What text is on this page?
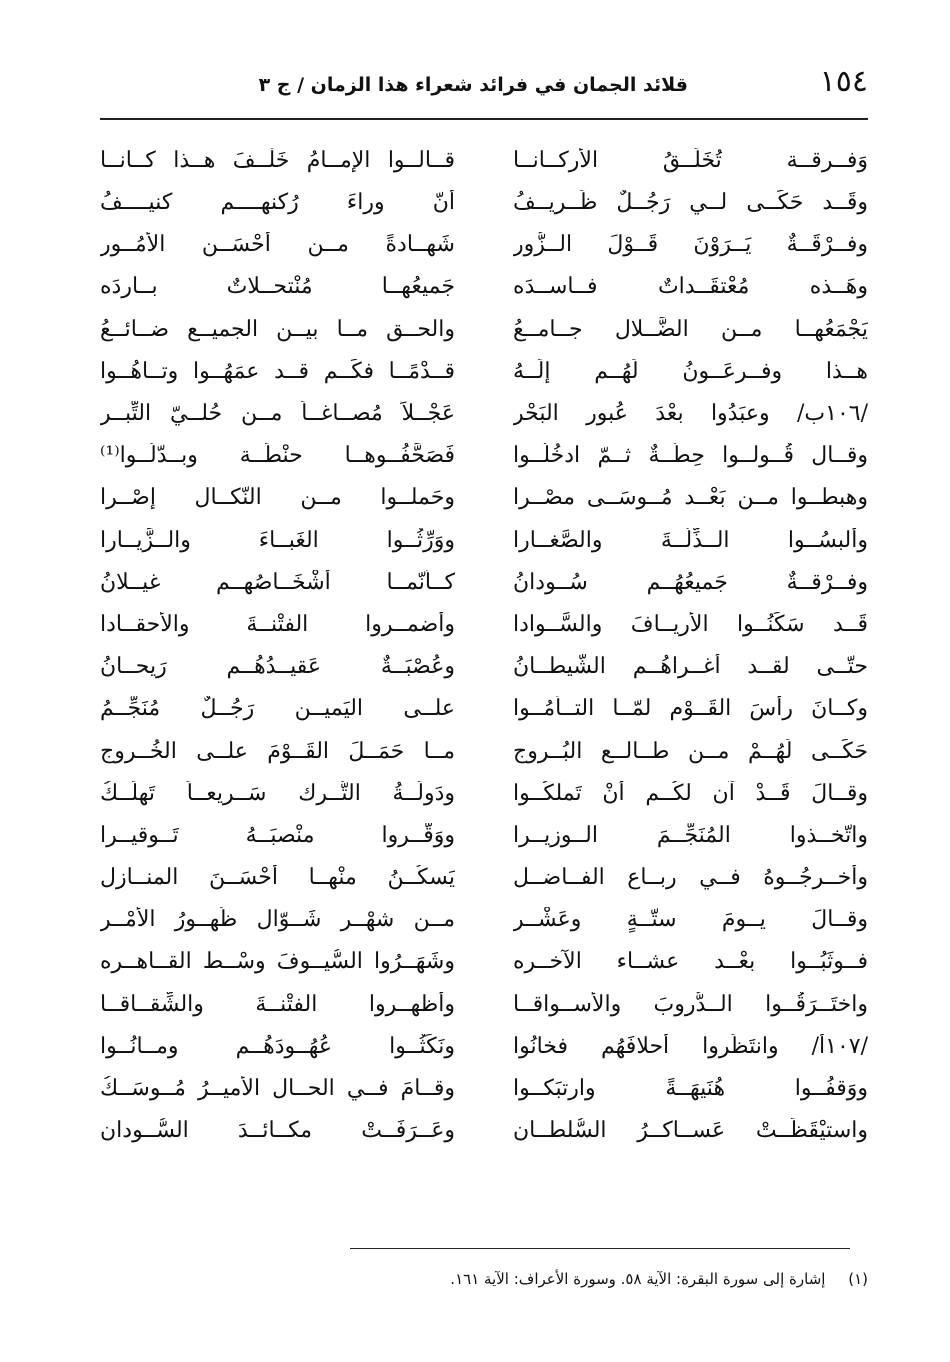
١٥٤
قلائد الجمان في فرائد شعراء هذا الزمان / ج ٣
وَفــرقــة تُخَلِّــقُ الأركــانــا
قــالــوا الإمــامُ خَلْــفَ هــذا كــانــا
وقَــد حَكَــى لــي رَجُــلٌ ظَــريــفُ
أنّ وراءَ رُكنهــــم كنيــــفُ
وفــرْقَــةٌ يَــرَوْنَ قَــوْلَ الــزُّور
شَهــادةً مــن أحْسَــن الأمُــور
وهَــذه مُعْتقَــداتٌ فــاســدَه
جَميعُهــا مُنْتحــلاتٌ بــاردَه
يَجْمَعُهــا مــن الضَّــلال جــامــعُ
والحــق مــا بيــن الجميــع ضــائــعُ
هــذا وفــرعَــونُ لَهُــم إلَــهُ
قــدْمًــا فكَــم قــد عمَهُــوا وتــاهُــوا
/١٠٦ب/ وعبَدُوا بعْدَ عُبور البَحْر
عَجْــلاً مُصــاغــاً مــن حُلــيّ التِّبــر
وقــال قُــولــوا حِطَّــةٌ ثــمّ ادخُلُــوا
فَصَحَّفُــوهــا حنْطَــة وبــدّلُــوا⁽¹⁾
وهبطــوا مــن بَعْــد مُــوسَــى مصْــرا
وحَملــوا مــن النّكــال إصْــرا
وألبسُــوا الــذِّلّــةَ والصَّغــارا
ووَرِّثُــوا الغَبــاءَ والــزَّيــارا
وفــرْقــةٌ جَميعُهُــم سُــودانُ
كــأنّمــا أشْخَــاصُهــم غيــلانُ
قَــد سَكَنُــوا الأريــافَ والسَّــوادا
وأضمــروا الفتْنــةَ والأحقــادا
حتّــى لقــد أغــراهُــم الشّيطــانُ
وعُصْبَــةٌ عَقيــدُهُــم رَيحــانُ
وكــانَ رأسَ القَــوْم لمّــا التــأمُــوا
علــى اليَميــن رَجُــلٌ مُنَجِّــمُ
حَكَــى لَهُــمْ مــن طــالــع البُــروج
مــا حَمَــلَ القَــوْمَ علــى الخُــروج
وقــالَ قَــدْ آن لكُــم أنْ تَملكُــوا
ودَولَــةُ التُّــرك سَــريعــاً تَهلَــكُ
واتّخــذوا المُنَجِّــمَ الــوزيــرا
ووَقَّــروا منْصبَــهُ تَــوقيــرا
وأخــرجُــوهُ فــي ربــاع الفــاضــل
يَسكُــنُ منْهــا أحْسَــنَ المنــازل
وقــالَ يــومَ ستّــةٍ وعَشْــر
مــن شهْــر شَــوّال ظُهــورُ الأمْــر
فــوثَبُــوا بعْــد عشــاء الآخــره
وشَهَــرُوا السُّيــوفَ وسْــط القــاهــره
واختَــرَقُــوا الــدُّروبَ والأســواقــا
وأظهــروا الفتْنــةَ والشِّقــاقــا
/١٠٧أ/ وانتَظَروا أحلافَهُم فخانُوا
ونَكَثُــوا عُهُــودَهُــم ومــانُــوا
ووَقفُــوا هُنَيهَــةً وارتبَكــوا
وقــامَ فــي الحــال الأميــرُ مُــوسَــكُ
واستيْقَظَــتْ عَســاكــرُ السُّلطــان
وعَــرَفَــتْ مكــائــدَ السُّــودان
(١) إشارة إلى سورة البقرة: الآية ٥٨. وسورة الأعراف: الآية ١٦١.
